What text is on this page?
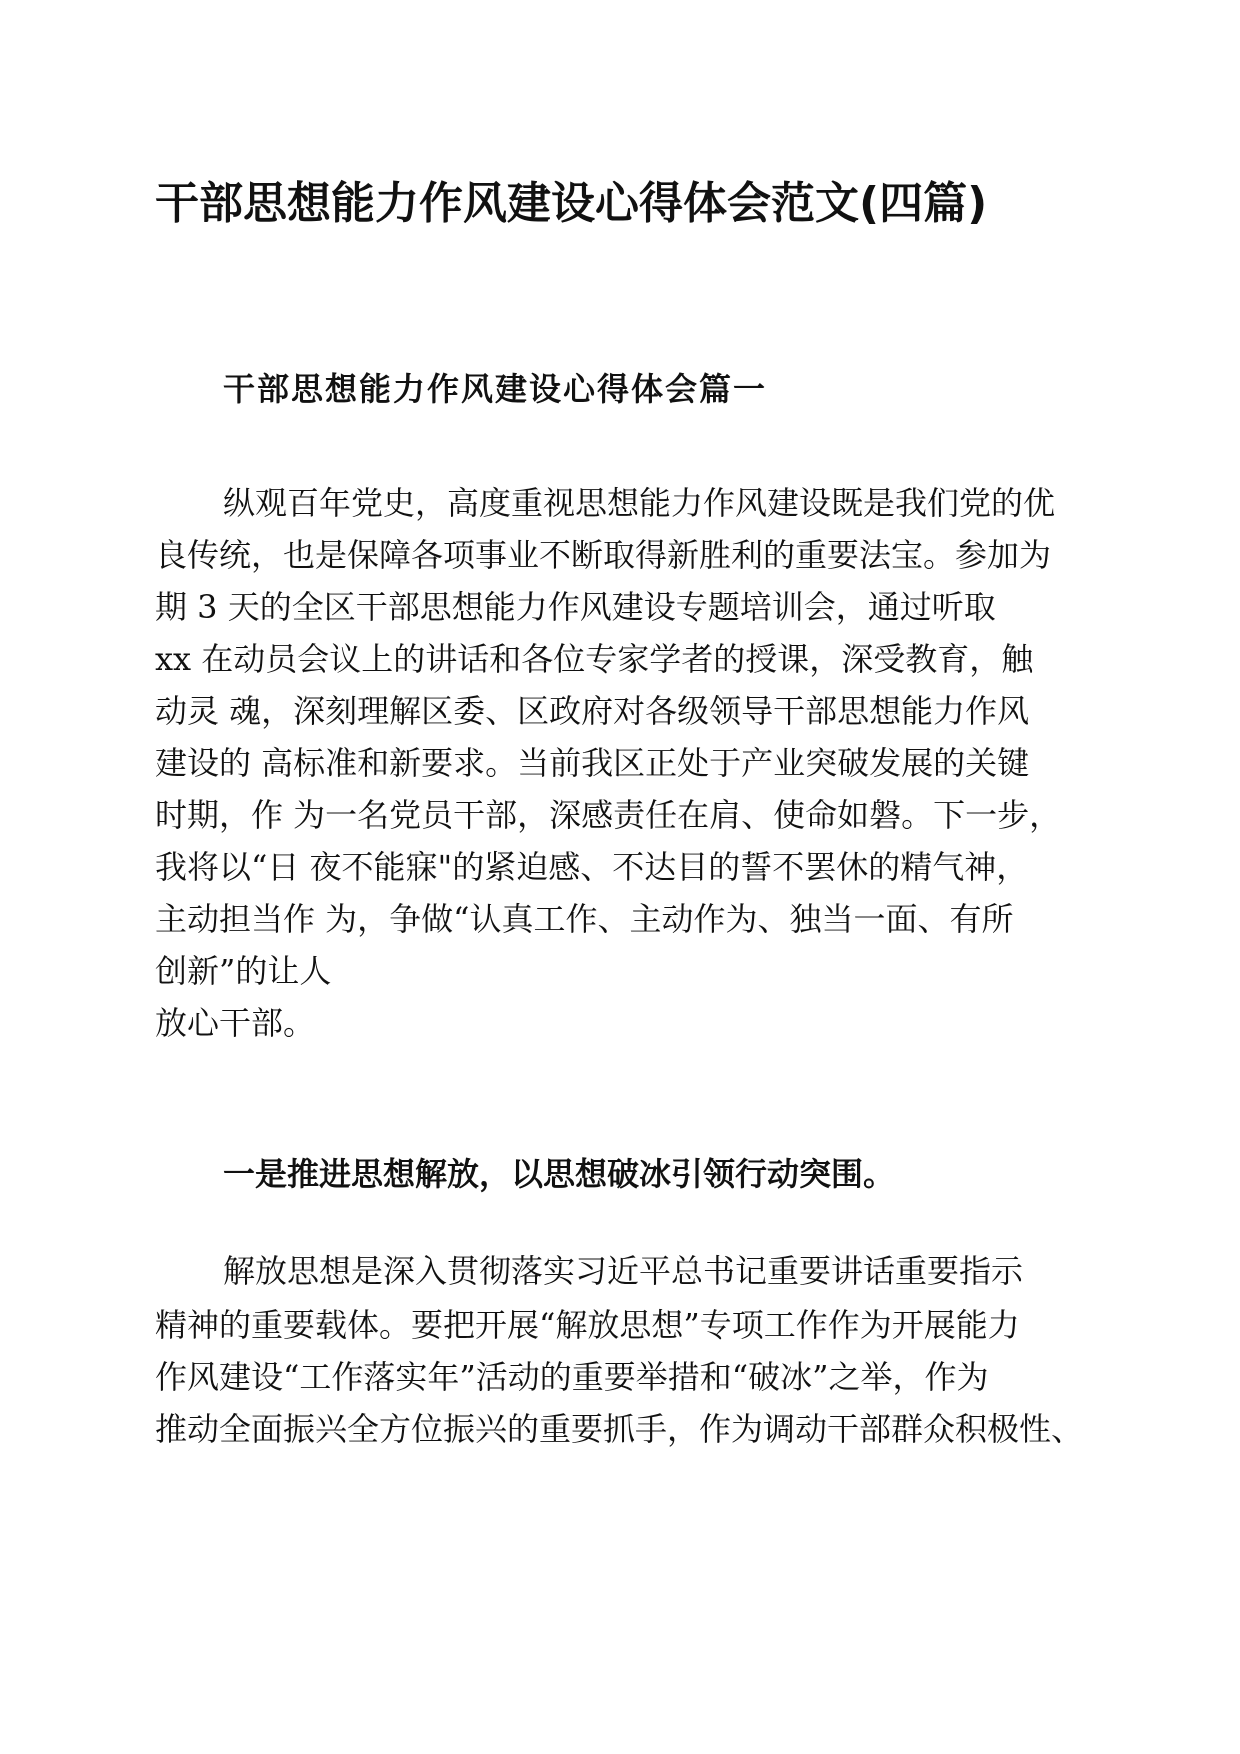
干部思想能力作风建设心得体会范文(四篇)
干部思想能力作风建设心得体会篇一

纵观百年党史，高度重视思想能力作风建设既是我们党的优

良传统，也是保障各项事业不断取得新胜利的重要法宝。参加为

期 3 天的全区干部思想能力作风建设专题培训会，通过听取

xx 在动员会议上的讲话和各位专家学者的授课，深受教育，触

动灵 魂，深刻理解区委、区政府对各级领导干部思想能力作风

建设的 高标准和新要求。当前我区正处于产业突破发展的关键

时期，作 为一名党员干部，深感责任在肩、使命如磐。下一步，

我将以“日 夜不能寐"的紧迫感、不达目的誓不罢休的精气神，

主动担当作 为，争做“认真工作、主动作为、独当一面、有所

创新”的让人

放心干部。

一是推进思想解放，以思想破冰引领行动突围。

解放思想是深入贯彻落实习近平总书记重要讲话重要指示

精神的重要载体。要把开展“解放思想”专项工作作为开展能力

作风建设“工作落实年”活动的重要举措和“破冰”之举，作为

推动全面振兴全方位振兴的重要抓手，作为调动干部群众积极性、
